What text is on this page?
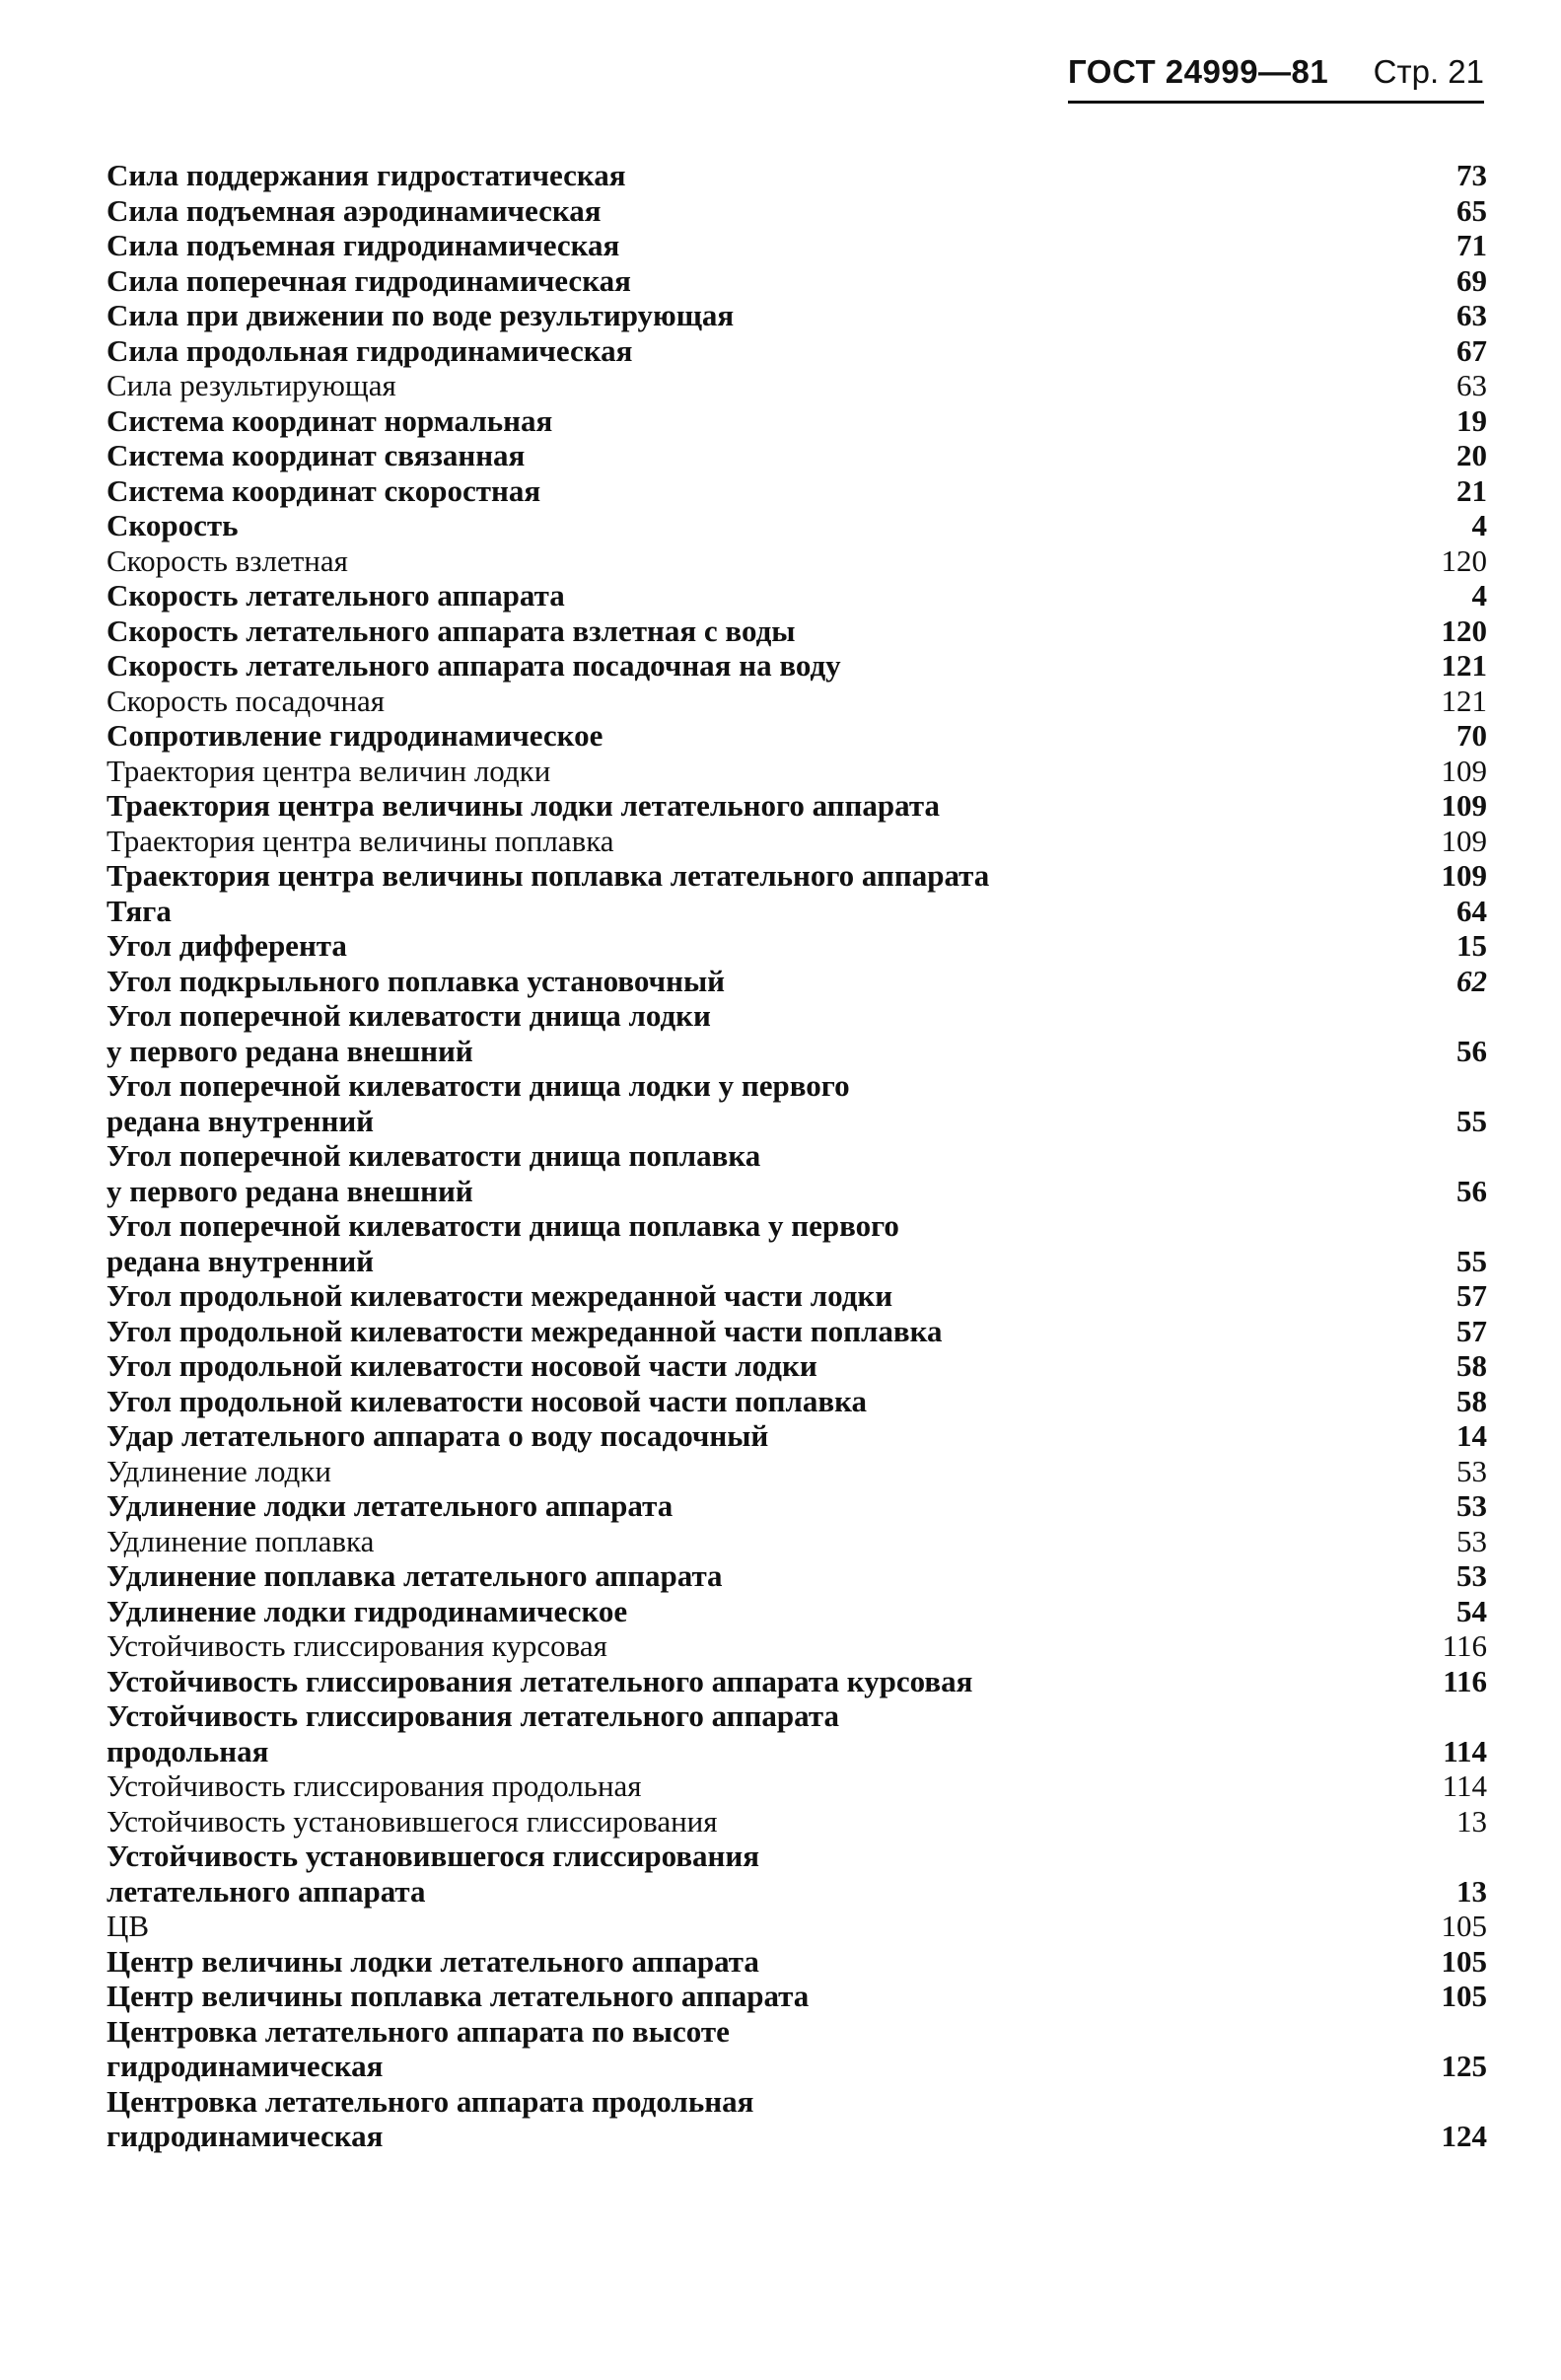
ГОСТ 24999—81 Стр. 21
Сила поддержания гидростатическая	73
Сила подъемная аэродинамическая	65
Сила подъемная гидродинамическая	71
Сила поперечная гидродинамическая	69
Сила при движении по воде результирующая	63
Сила продольная гидродинамическая	67
Сила результирующая	63
Система координат нормальная	19
Система координат связанная	20
Система координат скоростная	21
Скорость	4
Скорость взлетная	120
Скорость летательного аппарата	4
Скорость летательного аппарата взлетная с воды	120
Скорость летательного аппарата посадочная на воду	121
Скорость посадочная	121
Сопротивление гидродинамическое	70
Траектория центра величин лодки	109
Траектория центра величины лодки летательного аппарата	109
Траектория центра величины поплавка	109
Траектория центра величины поплавка летательного аппарата	109
Тяга	64
Угол дифферента	15
Угол подкрыльного поплавка установочный	62
Угол поперечной килеватости днища лодки
у первого редана внешний	56
Угол поперечной килеватости днища лодки у первого
редана внутренний	55
Угол поперечной килеватости днища поплавка
у первого редана внешний	56
Угол поперечной килеватости днища поплавка у первого
редана внутренний	55
Угол продольной килеватости межреданной части лодки	57
Угол продольной килеватости межреданной части поплавка	57
Угол продольной килеватости носовой части лодки	58
Угол продольной килеватости носовой части поплавка	58
Удар летательного аппарата о воду посадочный	14
Удлинение лодки	53
Удлинение лодки летательного аппарата	53
Удлинение поплавка	53
Удлинение поплавка летательного аппарата	53
Удлинение лодки гидродинамическое	54
Устойчивость глиссирования курсовая	116
Устойчивость глиссирования летательного аппарата курсовая	116
Устойчивость глиссирования летательного аппарата
продольная	114
Устойчивость глиссирования продольная	114
Устойчивость установившегося глиссирования	13
Устойчивость установившегося глиссирования
летательного аппарата	13
ЦВ	105
Центр величины лодки летательного аппарата	105
Центр величины поплавка летательного аппарата	105
Центровка летательного аппарата по высоте
гидродинамическая	125
Центровка летательного аппарата продольная
гидродинамическая	124
